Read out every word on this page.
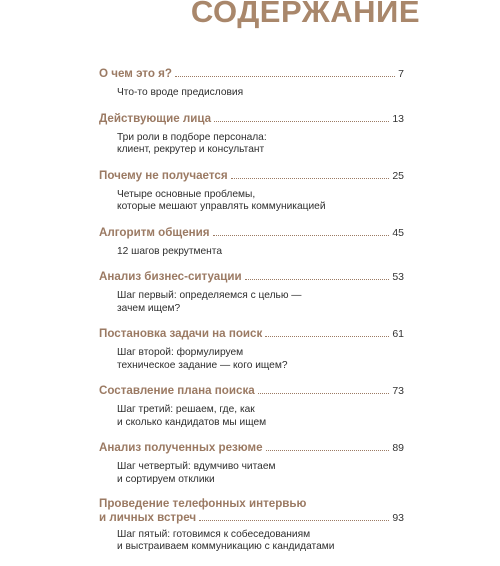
СОДЕРЖАНИЕ
О чем это я?	7
Что-то вроде предисловия
Действующие лица	13
Три роли в подборе персонала:
клиент, рекрутер и консультант
Почему не получается	25
Четыре основные проблемы,
которые мешают управлять коммуникацией
Алгоритм общения	45
12 шагов рекрутмента
Анализ бизнес-ситуации	53
Шаг первый: определяемся с целью —
зачем ищем?
Постановка задачи на поиск	61
Шаг второй: формулируем
техническое задание — кого ищем?
Составление плана поиска	73
Шаг третий: решаем, где, как
и сколько кандидатов мы ищем
Анализ полученных резюме	89
Шаг четвертый: вдумчиво читаем
и сортируем отклики
Проведение телефонных интервью
и личных встреч	93
Шаг пятый: готовимся к собеседованиям
и выстраиваем коммуникацию с кандидатами
